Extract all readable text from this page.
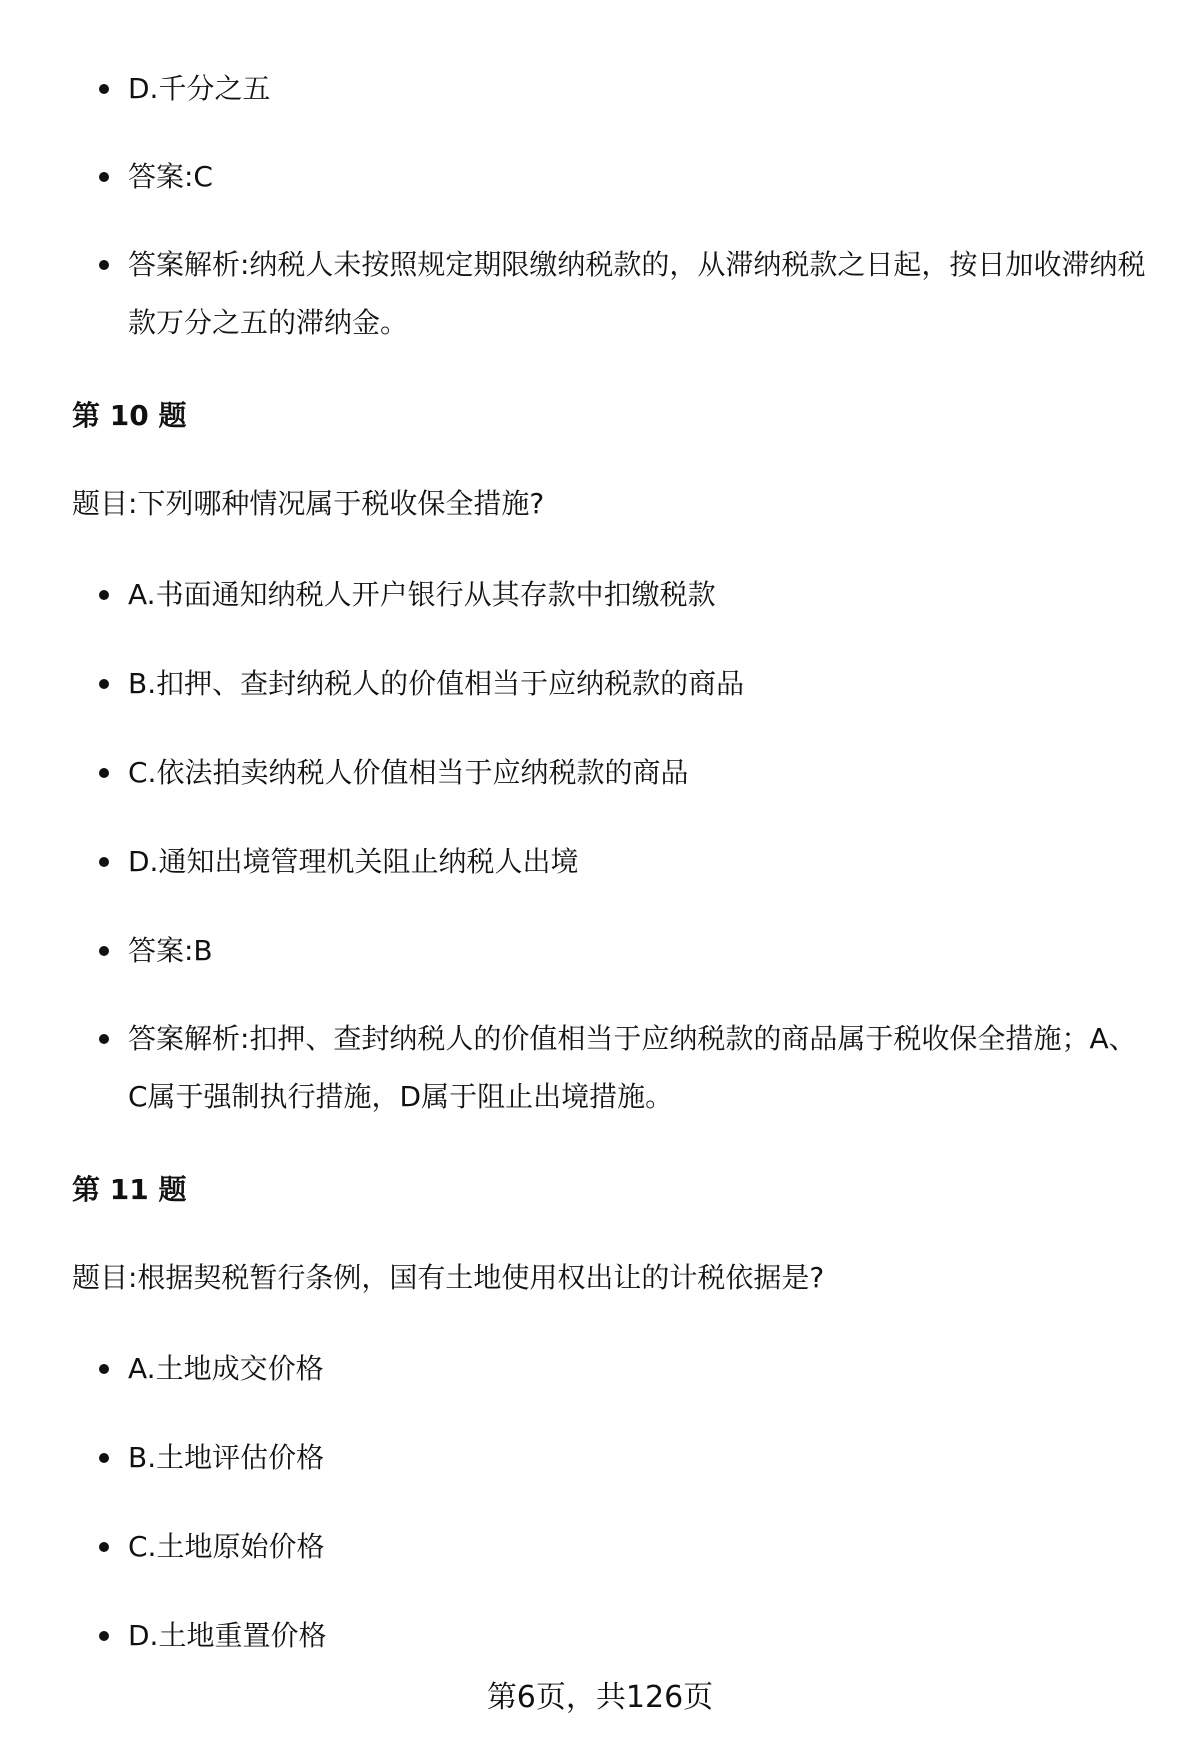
D.千分之五
答案:C
答案解析:纳税人未按照规定期限缴纳税款的，从滞纳税款之日起，按日加收滞纳税款万分之五的滞纳金。
第 10 题
题目:下列哪种情况属于税收保全措施?
A.书面通知纳税人开户银行从其存款中扣缴税款
B.扣押、查封纳税人的价值相当于应纳税款的商品
C.依法拍卖纳税人价值相当于应纳税款的商品
D.通知出境管理机关阻止纳税人出境
答案:B
答案解析:扣押、查封纳税人的价值相当于应纳税款的商品属于税收保全措施；A、C属于强制执行措施，D属于阻止出境措施。
第 11 题
题目:根据契税暂行条例，国有土地使用权出让的计税依据是?
A.土地成交价格
B.土地评估价格
C.土地原始价格
D.土地重置价格
第6页，共126页
